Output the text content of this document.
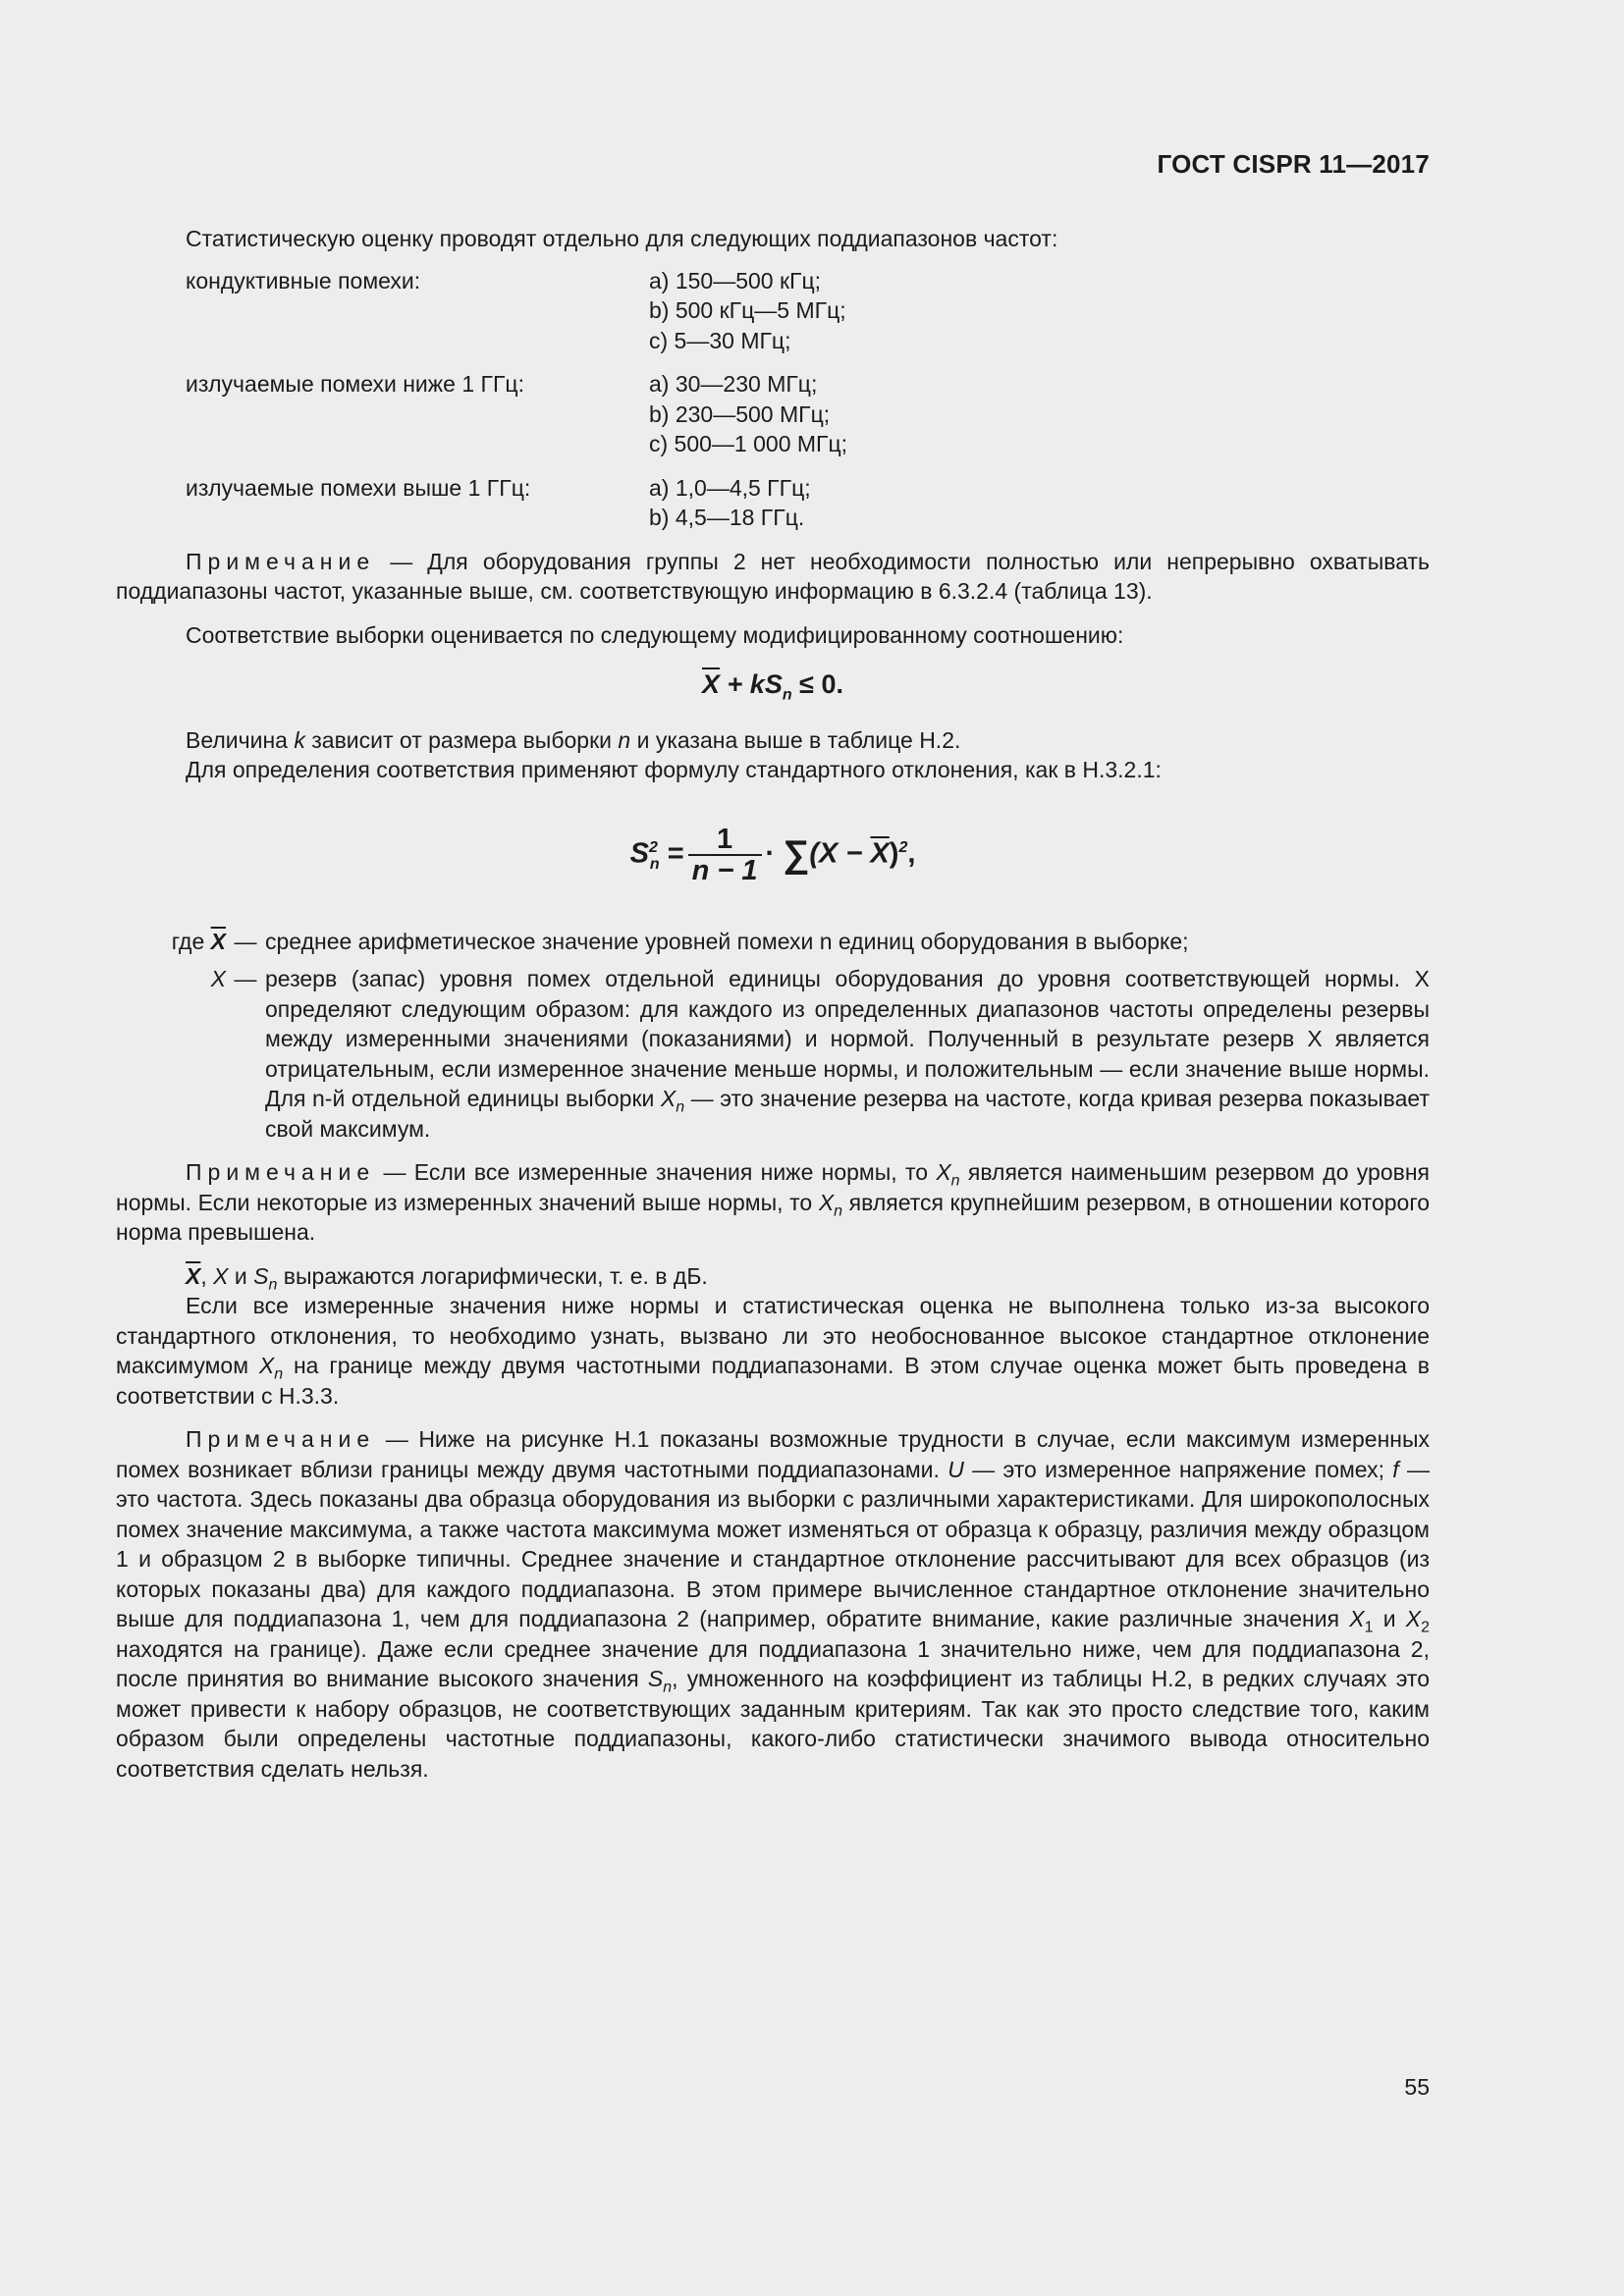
ГОСТ CISPR 11—2017

Статистическую оценку проводят отдельно для следующих поддиапазонов частот:

кондуктивные помехи:	a) 150—500 кГц;
b) 500 кГц—5 МГц;
c) 5—30 МГц;
излучаемые помехи ниже 1 ГГц:	a) 30—230 МГц;
b) 230—500 МГц;
c) 500—1 000 МГц;
излучаемые помехи выше 1 ГГц:	a) 1,0—4,5 ГГц;
b) 4,5—18 ГГц.

Примечание — Для оборудования группы 2 нет необходимости полностью или непрерывно охватывать поддиапазоны частот, указанные выше, см. соответствующую информацию в 6.3.2.4 (таблица 13).

Соответствие выборки оценивается по следующему модифицированному соотношению:

$\overline{X} + kS_n \le 0$.

Величина k зависит от размера выборки n и указана выше в таблице Н.2.

Для определения соответствия применяют формулу стандартного отклонения, как в Н.3.2.1:

$S^2_n = \frac{1}{n - 1} \cdot \sum(X - \overline{X})^2$,
где $\overline{X}$ — среднее арифметическое значение уровней помехи n единиц оборудования в выборке;
X — резерв (запас) уровня помех отдельной единицы оборудования до уровня соответствующей нормы. X определяют следующим образом: для каждого из определенных диапазонов частоты определены резервы между измеренными значениями (показаниями) и нормой. Полученный в результате резерв X является отрицательным, если измеренное значение меньше нормы, и положительным — если значение выше нормы. Для n-й отдельной единицы выборки $X_n$ — это значение резерва на частоте, когда кривая резерва показывает свой максимум.

Примечание — Если все измеренные значения ниже нормы, то $X_n$ является наименьшим резервом до уровня нормы. Если некоторые из измеренных значений выше нормы, то $X_n$ является крупнейшим резервом, в отношении которого норма превышена.

$\overline{X}$, X и $S_n$ выражаются логарифмически, т. е. в дБ.

Если все измеренные значения ниже нормы и статистическая оценка не выполнена только из-за высокого стандартного отклонения, то необходимо узнать, вызвано ли это необоснованное высокое стандартное отклонение максимумом $X_n$ на границе между двумя частотными поддиапазонами. В этом случае оценка может быть проведена в соответствии с Н.3.3.

Примечание — Ниже на рисунке Н.1 показаны возможные трудности в случае, если максимум измеренных помех возникает вблизи границы между двумя частотными поддиапазонами. U — это измеренное напряжение помех; f — это частота. Здесь показаны два образца оборудования из выборки с различными характеристиками. Для широкополосных помех значение максимума, а также частота максимума может изменяться от образца к образцу, различия между образцом 1 и образцом 2 в выборке типичны. Среднее значение и стандартное отклонение рассчитывают для всех образцов (из которых показаны два) для каждого поддиапазона. В этом примере вычисленное стандартное отклонение значительно выше для поддиапазона 1, чем для поддиапазона 2 (например, обратите внимание, какие различные значения $X_1$ и $X_2$ находятся на границе). Даже если среднее значение для поддиапазона 1 значительно ниже, чем для поддиапазона 2, после принятия во внимание высокого значения $S_n$, умноженного на коэффициент из таблицы Н.2, в редких случаях это может привести к набору образцов, не соответствующих заданным критериям. Так как это просто следствие того, каким образом были определены частотные поддиапазоны, какого-либо статистически значимого вывода относительно соответствия сделать нельзя.

55
